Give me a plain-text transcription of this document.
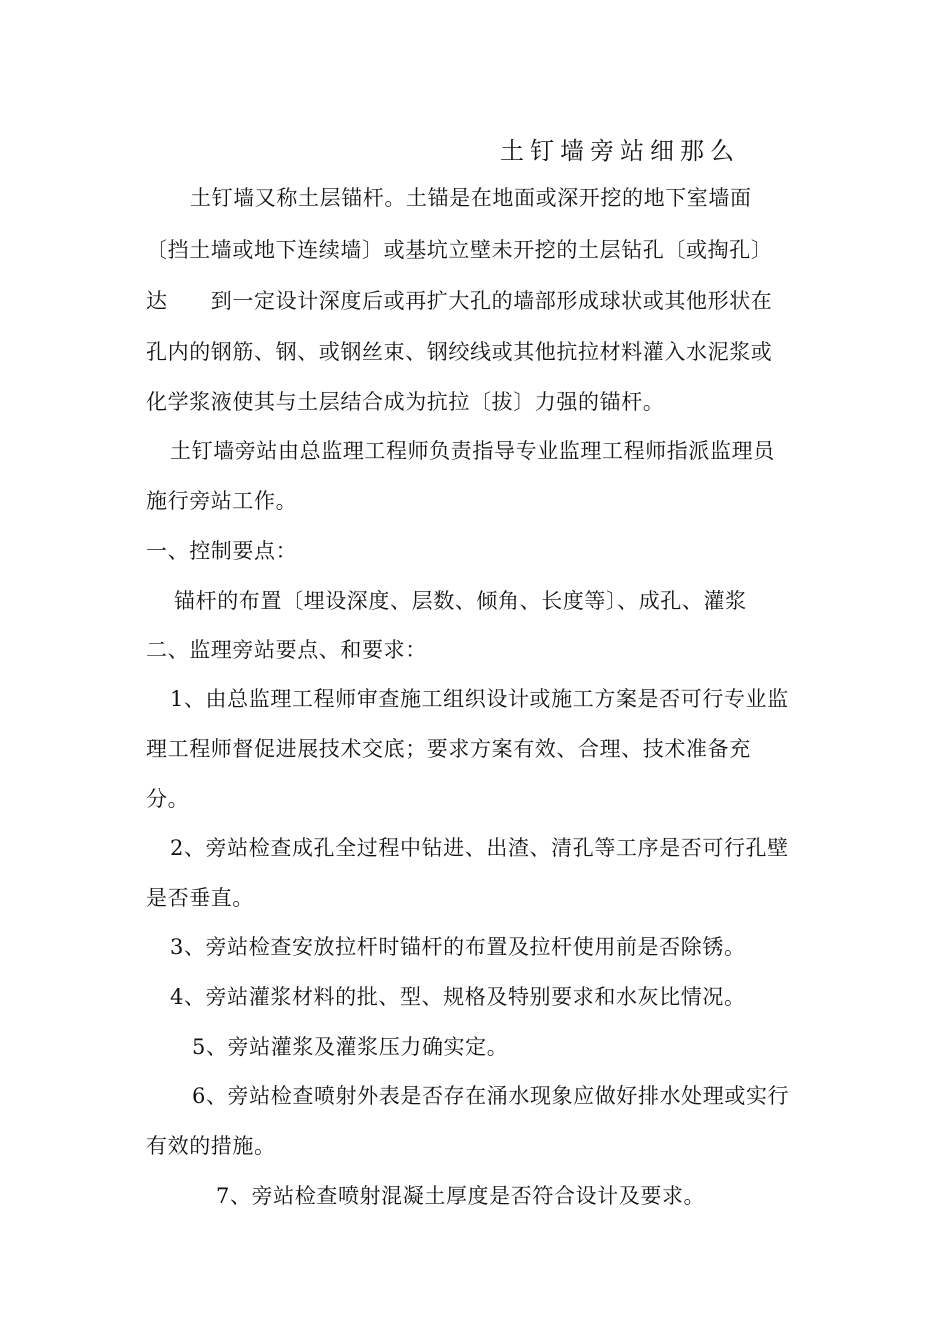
土钉墙旁站细那么
土钉墙又称土层锚杆。土锚是在地面或深开挖的地下室墙面
〔挡土墙或地下连续墙〕或基坑立壁未开挖的土层钻孔〔或掏孔〕
达　　到一定设计深度后或再扩大孔的墙部形成球状或其他形状在
孔内的钢筋、钢、或钢丝束、钢绞线或其他抗拉材料灌入水泥浆或
化学浆液使其与土层结合成为抗拉〔拔〕力强的锚杆。
土钉墙旁站由总监理工程师负责指导专业监理工程师指派监理员
施行旁站工作。
一、控制要点：
锚杆的布置〔埋设深度、层数、倾角、长度等〕、成孔、灌浆
二、监理旁站要点、和要求：
1、由总监理工程师审查施工组织设计或施工方案是否可行专业监
理工程师督促进展技术交底；要求方案有效、合理、技术准备充
分。
2、旁站检查成孔全过程中钻进、出渣、清孔等工序是否可行孔壁
是否垂直。
3、旁站检查安放拉杆时锚杆的布置及拉杆使用前是否除锈。
4、旁站灌浆材料的批、型、规格及特别要求和水灰比情况。
5、旁站灌浆及灌浆压力确实定。
6、旁站检查喷射外表是否存在涌水现象应做好排水处理或实行
有效的措施。
7、旁站检查喷射混凝土厚度是否符合设计及要求。
